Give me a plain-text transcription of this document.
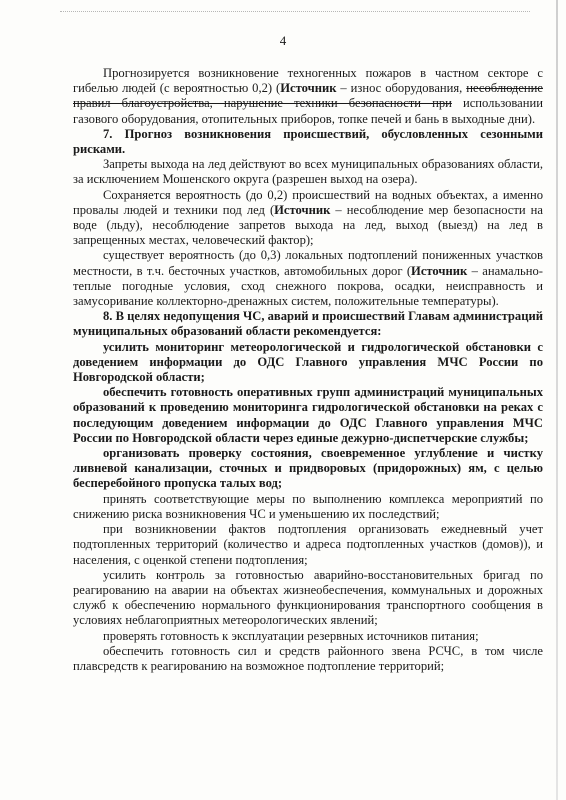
4

Прогнозируется возникновение техногенных пожаров в частном секторе с гибелью людей (с вероятностью 0,2) (Источник – износ оборудования, несоблюдение правил благоустройства, нарушение техники безопасности при использовании газового оборудования, отопительных приборов, топке печей и бань в выходные дни).

7. Прогноз возникновения происшествий, обусловленных сезонными рисками.

Запреты выхода на лед действуют во всех муниципальных образованиях области, за исключением Мошенского округа (разрешен выход на озера).

Сохраняется вероятность (до 0,2) происшествий на водных объектах, а именно провалы людей и техники под лед (Источник – несоблюдение мер безопасности на воде (льду), несоблюдение запретов выхода на лед, выход (выезд) на лед в запрещенных местах, человеческий фактор);

существует вероятность (до 0,3) локальных подтоплений пониженных участков местности, в т.ч. бесточных участков, автомобильных дорог (Источник – анамально-теплые погодные условия, сход снежного покрова, осадки, неисправность и замусоривание коллекторно-дренажных систем, положительные температуры).

8. В целях недопущения ЧС, аварий и происшествий Главам администраций муниципальных образований области рекомендуется:

усилить мониторинг метеорологической и гидрологической обстановки с доведением информации до ОДС Главного управления МЧС России по Новгородской области;

обеспечить готовность оперативных групп администраций муниципальных образований к проведению мониторинга гидрологической обстановки на реках с последующим доведением информации до ОДС Главного управления МЧС России по Новгородской области через единые дежурно-диспетчерские службы;

организовать проверку состояния, своевременное углубление и чистку ливневой канализации, сточных и придворовых (придорожных) ям, с целью бесперебойного пропуска талых вод;

принять соответствующие меры по выполнению комплекса мероприятий по снижению риска возникновения ЧС и уменьшению их последствий;

при возникновении фактов подтопления организовать ежедневный учет подтопленных территорий (количество и адреса подтопленных участков (домов)), и населения, с оценкой степени подтопления;

усилить контроль за готовностью аварийно-восстановительных бригад по реагированию на аварии на объектах жизнеобеспечения, коммунальных и дорожных служб к обеспечению нормального функционирования транспортного сообщения в условиях неблагоприятных метеорологических явлений;

проверять готовность к эксплуатации резервных источников питания;

обеспечить готовность сил и средств районного звена РСЧС, в том числе плавсредств к реагированию на возможное подтопление территорий;
